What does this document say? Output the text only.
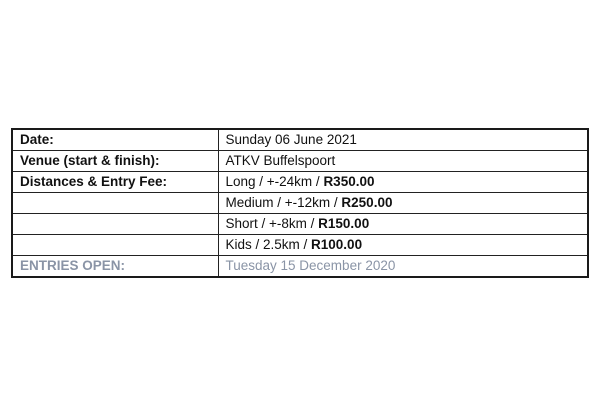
Date:	Sunday 06 June 2021
Venue (start & finish):	ATKV Buffelspoort
Distances & Entry Fee:	Long / +-24km / R350.00
	Medium / +-12km / R250.00
	Short / +-8km / R150.00
	Kids / 2.5km / R100.00
ENTRIES OPEN:	Tuesday 15 December 2020
